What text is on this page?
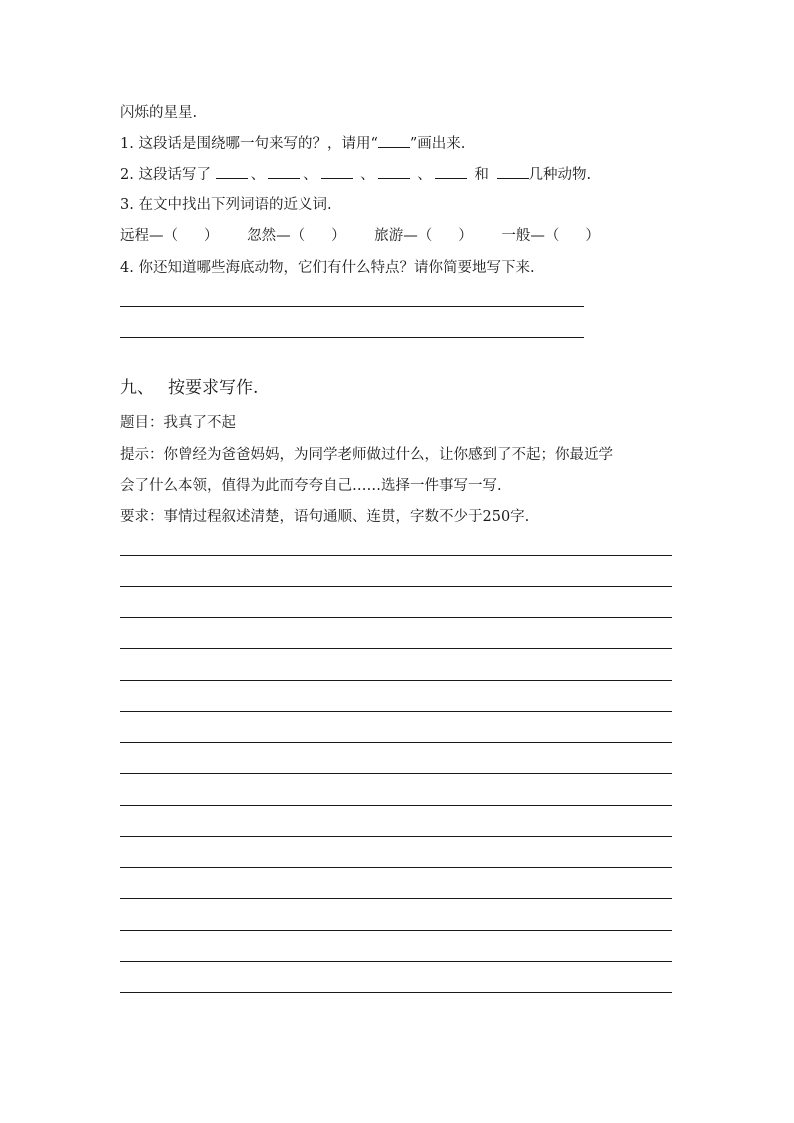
闪烁的星星.
1. 这段话是围绕哪一句来写的？，请用“ ”画出来.
2. 这段话写了 、	、	、	、	和	几种动物.
3. 在文中找出下列词语的近义词.
远程—（ ） 忽然—（ ） 旅游—（ ） 一般—（ ）
4. 你还知道哪些海底动物，它们有什么特点？请你简要地写下来.
九、 按要求写作.
题目：我真了不起
提示：你曾经为爸爸妈妈，为同学老师做过什么，让你感到了不起；你最近学
会了什么本领，值得为此而夸夸自己……选择一件事写一写.
要求：事情过程叙述清楚，语句通顺、连贯，字数不少于250字.
